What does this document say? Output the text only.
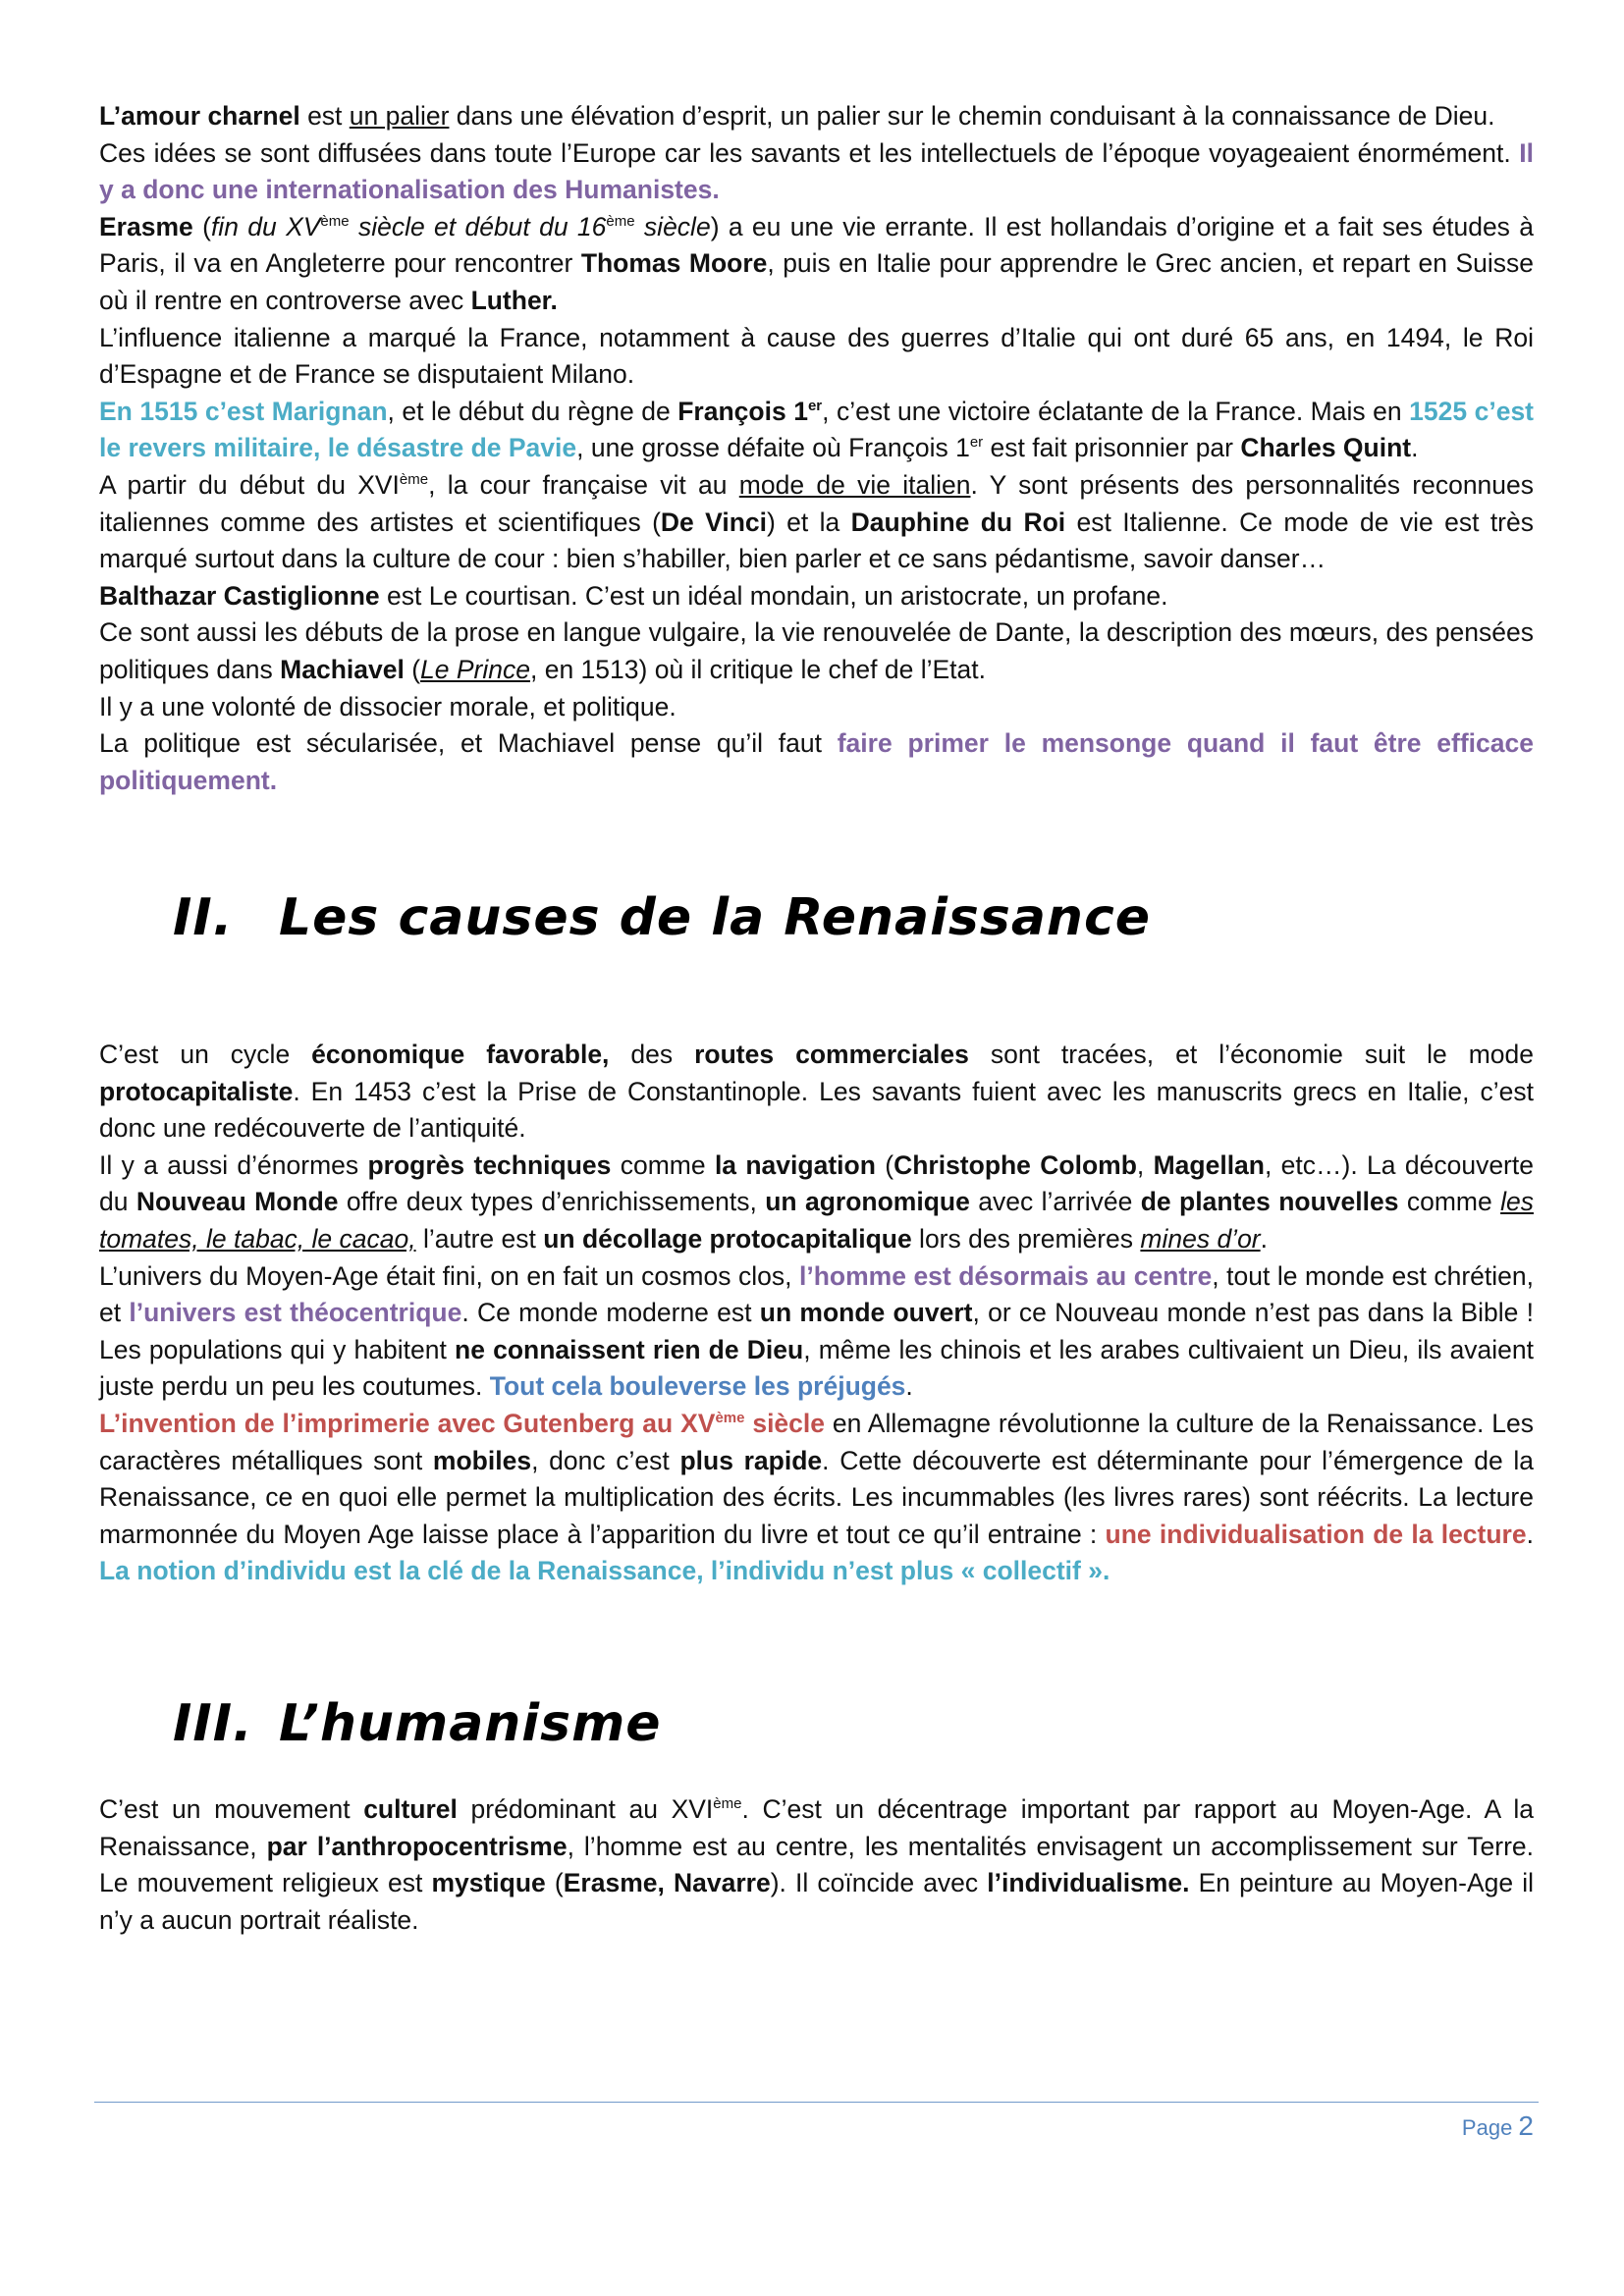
L’amour charnel est un palier dans une élévation d’esprit, un palier sur le chemin conduisant à la connaissance de Dieu.

Ces idées se sont diffusées dans toute l’Europe car les savants et les intellectuels de l’époque voyageaient énormément. Il y a donc une internationalisation des Humanistes.

Erasme (fin du XVème siècle et début du 16ème siècle) a eu une vie errante. Il est hollandais d’origine et a fait ses études à Paris, il va en Angleterre pour rencontrer Thomas Moore, puis en Italie pour apprendre le Grec ancien, et repart en Suisse où il rentre en controverse avec Luther.

L’influence italienne a marqué la France, notamment à cause des guerres d’Italie qui ont duré 65 ans, en 1494, le Roi d’Espagne et de France se disputaient Milano.

En 1515 c’est Marignan, et le début du règne de François 1er, c’est une victoire éclatante de la France. Mais en 1525 c’est le revers militaire, le désastre de Pavie, une grosse défaite où François 1er est fait prisonnier par Charles Quint.

A partir du début du XVIème, la cour française vit au mode de vie italien. Y sont présents des personnalités reconnues italiennes comme des artistes et scientifiques (De Vinci) et la Dauphine du Roi est Italienne. Ce mode de vie est très marqué surtout dans la culture de cour : bien s’habiller, bien parler et ce sans pédantisme, savoir danser…

Balthazar Castiglionne est Le courtisan. C’est un idéal mondain, un aristocrate, un profane.

Ce sont aussi les débuts de la prose en langue vulgaire, la vie renouvelée de Dante, la description des mœurs, des pensées politiques dans Machiavel (Le Prince, en 1513) où il critique le chef de l’Etat.

Il y a une volonté de dissocier morale, et politique.

La politique est sécularisée, et Machiavel pense qu’il faut faire primer le mensonge quand il faut être efficace politiquement.

II. Les causes de la Renaissance

C’est un cycle économique favorable, des routes commerciales sont tracées, et l’économie suit le mode protocapitaliste. En 1453 c’est la Prise de Constantinople. Les savants fuient avec les manuscrits grecs en Italie, c’est donc une redécouverte de l’antiquité.

Il y a aussi d’énormes progrès techniques comme la navigation (Christophe Colomb, Magellan, etc…). La découverte du Nouveau Monde offre deux types d’enrichissements, un agronomique avec l’arrivée de plantes nouvelles comme les tomates, le tabac, le cacao, l’autre est un décollage protocapitalique lors des premières mines d’or.

L’univers du Moyen-Age était fini, on en fait un cosmos clos, l’homme est désormais au centre, tout le monde est chrétien, et l’univers est théocentrique. Ce monde moderne est un monde ouvert, or ce Nouveau monde n’est pas dans la Bible ! Les populations qui y habitent ne connaissent rien de Dieu, même les chinois et les arabes cultivaient un Dieu, ils avaient juste perdu un peu les coutumes. Tout cela bouleverse les préjugés.

L’invention de l’imprimerie avec Gutenberg au XVème siècle en Allemagne révolutionne la culture de la Renaissance. Les caractères métalliques sont mobiles, donc c’est plus rapide. Cette découverte est déterminante pour l’émergence de la Renaissance, ce en quoi elle permet la multiplication des écrits. Les incummables (les livres rares) sont réécrits. La lecture marmonnée du Moyen Age laisse place à l’apparition du livre et tout ce qu’il entraine : une individualisation de la lecture. La notion d’individu est la clé de la Renaissance, l’individu n’est plus « collectif ».

III. L’humanisme

C’est un mouvement culturel prédominant au XVIème. C’est un décentrage important par rapport au Moyen-Age. A la Renaissance, par l’anthropocentrisme, l’homme est au centre, les mentalités envisagent un accomplissement sur Terre. Le mouvement religieux est mystique (Erasme, Navarre). Il coïncide avec l’individualisme. En peinture au Moyen-Age il n’y a aucun portrait réaliste.

Page 2
